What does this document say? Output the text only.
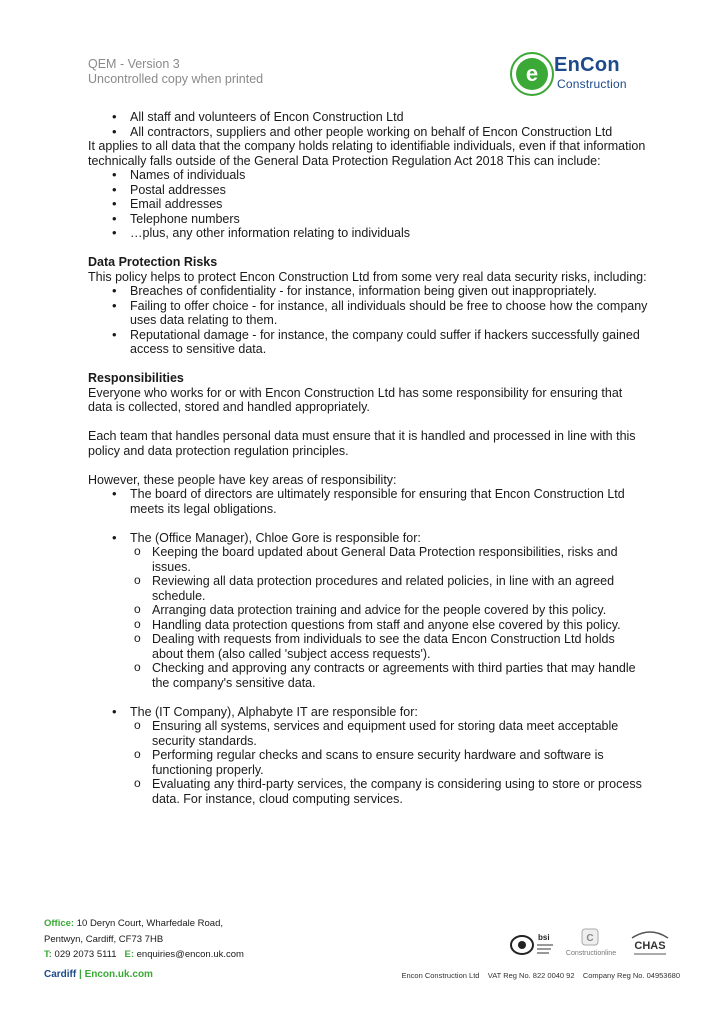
QEM - Version 3
Uncontrolled copy when printed	e EnCon
Construction
• All staff and volunteers of Encon Construction Ltd
• All contractors, suppliers and other people working on behalf of Encon Construction Ltd

It applies to all data that the company holds relating to identifiable individuals, even if that information technically falls outside of the General Data Protection Regulation Act 2018 This can include:

• Names of individuals
• Postal addresses
• Email addresses
• Telephone numbers
• …plus, any other information relating to individuals

Data Protection Risks

This policy helps to protect Encon Construction Ltd from some very real data security risks, including:

• Breaches of confidentiality - for instance, information being given out inappropriately.
• Failing to offer choice - for instance, all individuals should be free to choose how the company uses data relating to them.
• Reputational damage - for instance, the company could suffer if hackers successfully gained access to sensitive data.

Responsibilities

Everyone who works for or with Encon Construction Ltd has some responsibility for ensuring that data is collected, stored and handled appropriately.

Each team that handles personal data must ensure that it is handled and processed in line with this policy and data protection regulation principles.

However, these people have key areas of responsibility:

• The board of directors are ultimately responsible for ensuring that Encon Construction Ltd meets its legal obligations.
• The (Office Manager), Chloe Gore is responsible for:
o Keeping the board updated about General Data Protection responsibilities, risks and issues.
o Reviewing all data protection procedures and related policies, in line with an agreed schedule.
o Arranging data protection training and advice for the people covered by this policy.
o Handling data protection questions from staff and anyone else covered by this policy.
o Dealing with requests from individuals to see the data Encon Construction Ltd holds about them (also called 'subject access requests').
o Checking and approving any contracts or agreements with third parties that may handle the company's sensitive data.
• The (IT Company), Alphabyte IT are responsible for:
o Ensuring all systems, services and equipment used for storing data meet acceptable security standards.
o Performing regular checks and scans to ensure security hardware and software is functioning properly.
o Evaluating any third-party services, the company is considering using to store or process data. For instance, cloud computing services.
Office: 10 Deryn Court, Wharfedale Road,
Pentwyn, Cardiff, CF73 7HB
T: 029 2073 5111 E: enquiries@encon.uk.com
Cardiff | Encon.uk.com
bsi	C
Constructionline
CHAS
Encon Construction Ltd    VAT Reg No. 822 0040 92    Company Reg No. 04953680
